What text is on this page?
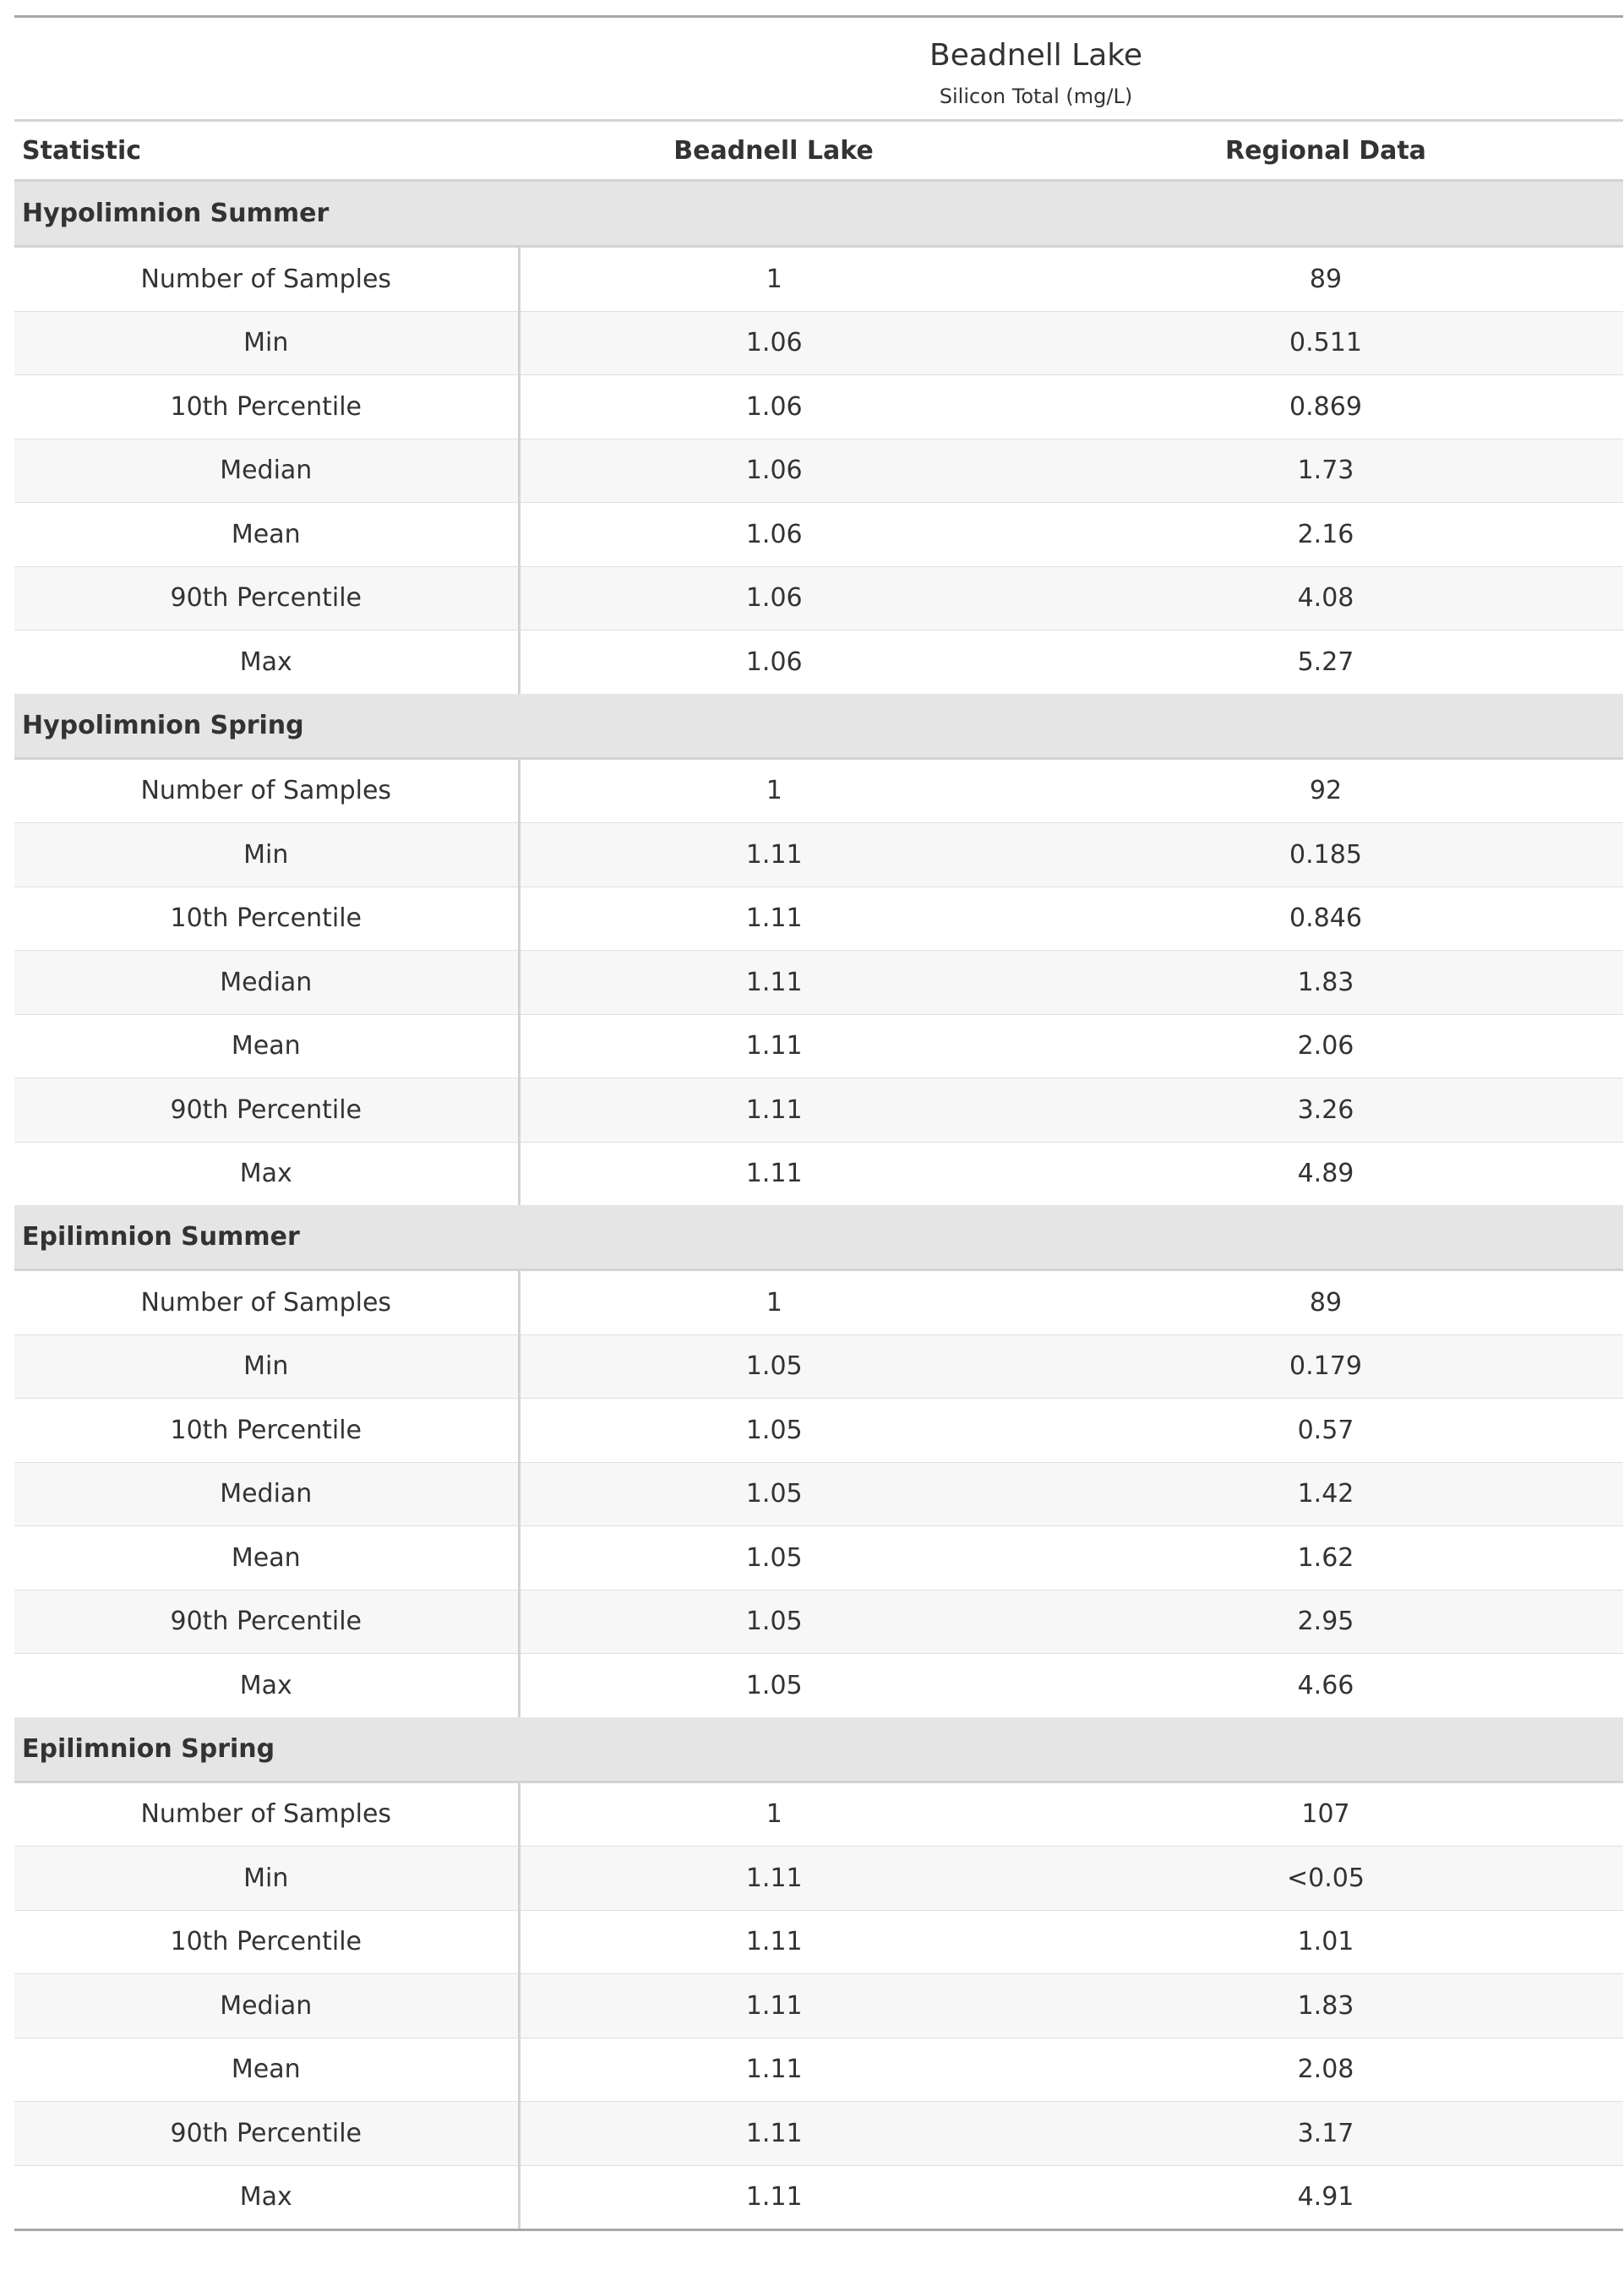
Beadnell Lake		
Silicon Total (mg/L)		
Statistic	Beadnell Lake	Regional Data
Hypolimnion Summer		
Number of Samples	1	89
Min	1.06	0.511
10th Percentile	1.06	0.869
Median	1.06	1.73
Mean	1.06	2.16
90th Percentile	1.06	4.08
Max	1.06	5.27
Hypolimnion Spring		
Number of Samples	1	92
Min	1.11	0.185
10th Percentile	1.11	0.846
Median	1.11	1.83
Mean	1.11	2.06
90th Percentile	1.11	3.26
Max	1.11	4.89
Epilimnion Summer		
Number of Samples	1	89
Min	1.05	0.179
10th Percentile	1.05	0.57
Median	1.05	1.42
Mean	1.05	1.62
90th Percentile	1.05	2.95
Max	1.05	4.66
Epilimnion Spring		
Number of Samples	1	107
Min	1.11	<0.05
10th Percentile	1.11	1.01
Median	1.11	1.83
Mean	1.11	2.08
90th Percentile	1.11	3.17
Max	1.11	4.91
